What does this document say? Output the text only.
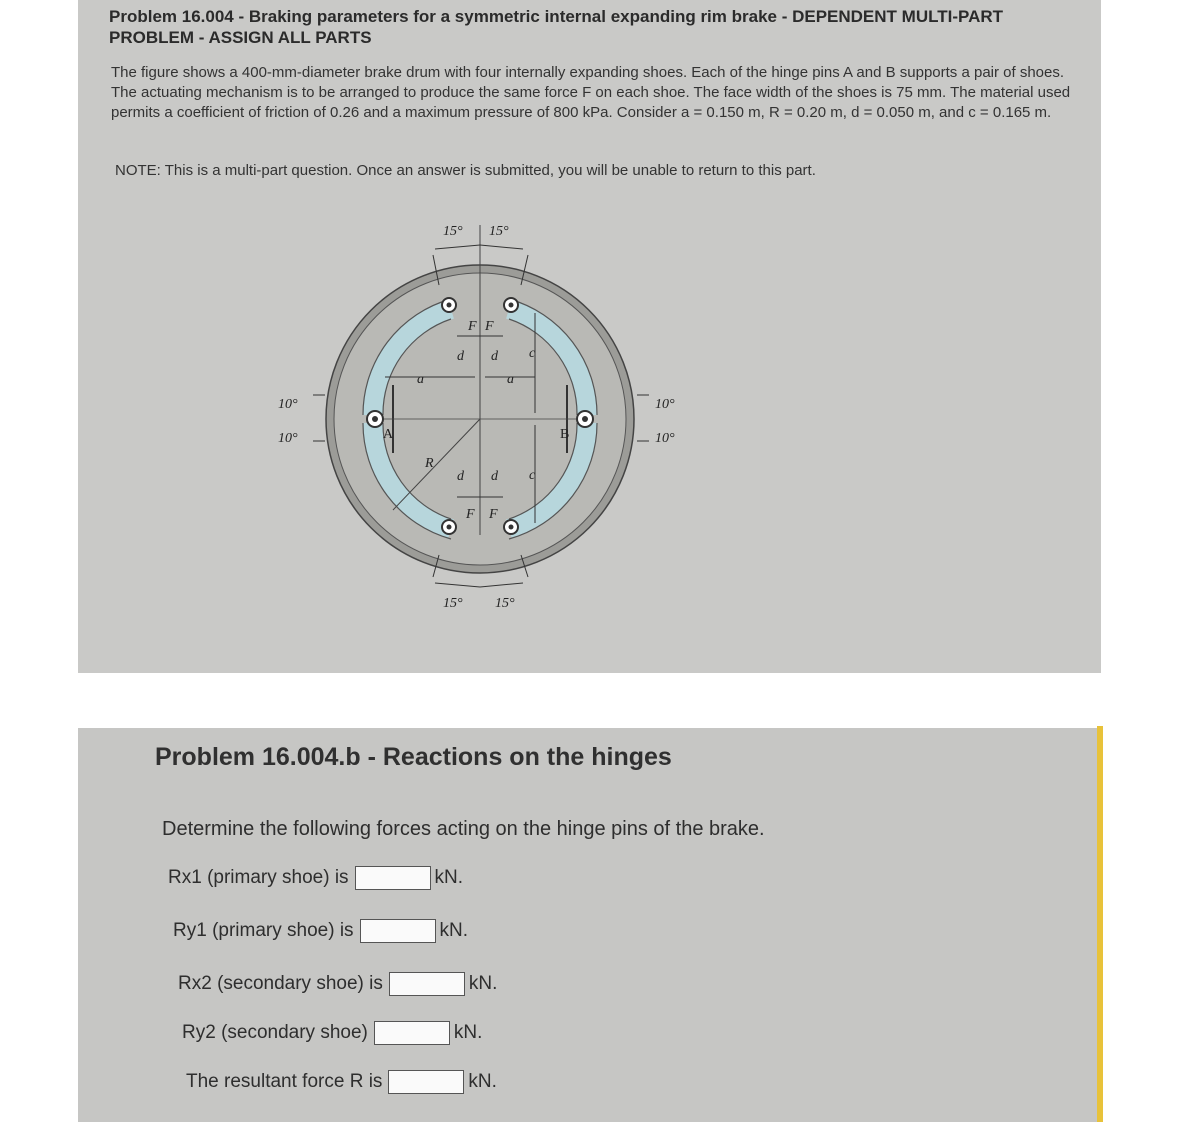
Problem 16.004 - Braking parameters for a symmetric internal expanding rim brake - DEPENDENT MULTI-PART PROBLEM - ASSIGN ALL PARTS
The figure shows a 400-mm-diameter brake drum with four internally expanding shoes. Each of the hinge pins A and B supports a pair of shoes. The actuating mechanism is to be arranged to produce the same force F on each shoe. The face width of the shoes is 75 mm. The material used permits a coefficient of friction of 0.26 and a maximum pressure of 800 kPa. Consider a = 0.150 m, R = 0.20 m, d = 0.050 m, and c = 0.165 m.
NOTE: This is a multi-part question. Once an answer is submitted, you will be unable to return to this part.
15° 15°
15° 15°
10°
10°
10°
10°
F F
d d
a	a
c
c
R
d d
F F
A	B
Problem 16.004.b - Reactions on the hinges
Determine the following forces acting on the hinge pins of the brake.
Rx1 (primary shoe) is	kN.
Ry1 (primary shoe) is	kN.
Rx2 (secondary shoe) is	kN.
Ry2 (secondary shoe)	kN.
The resultant force R is	kN.
